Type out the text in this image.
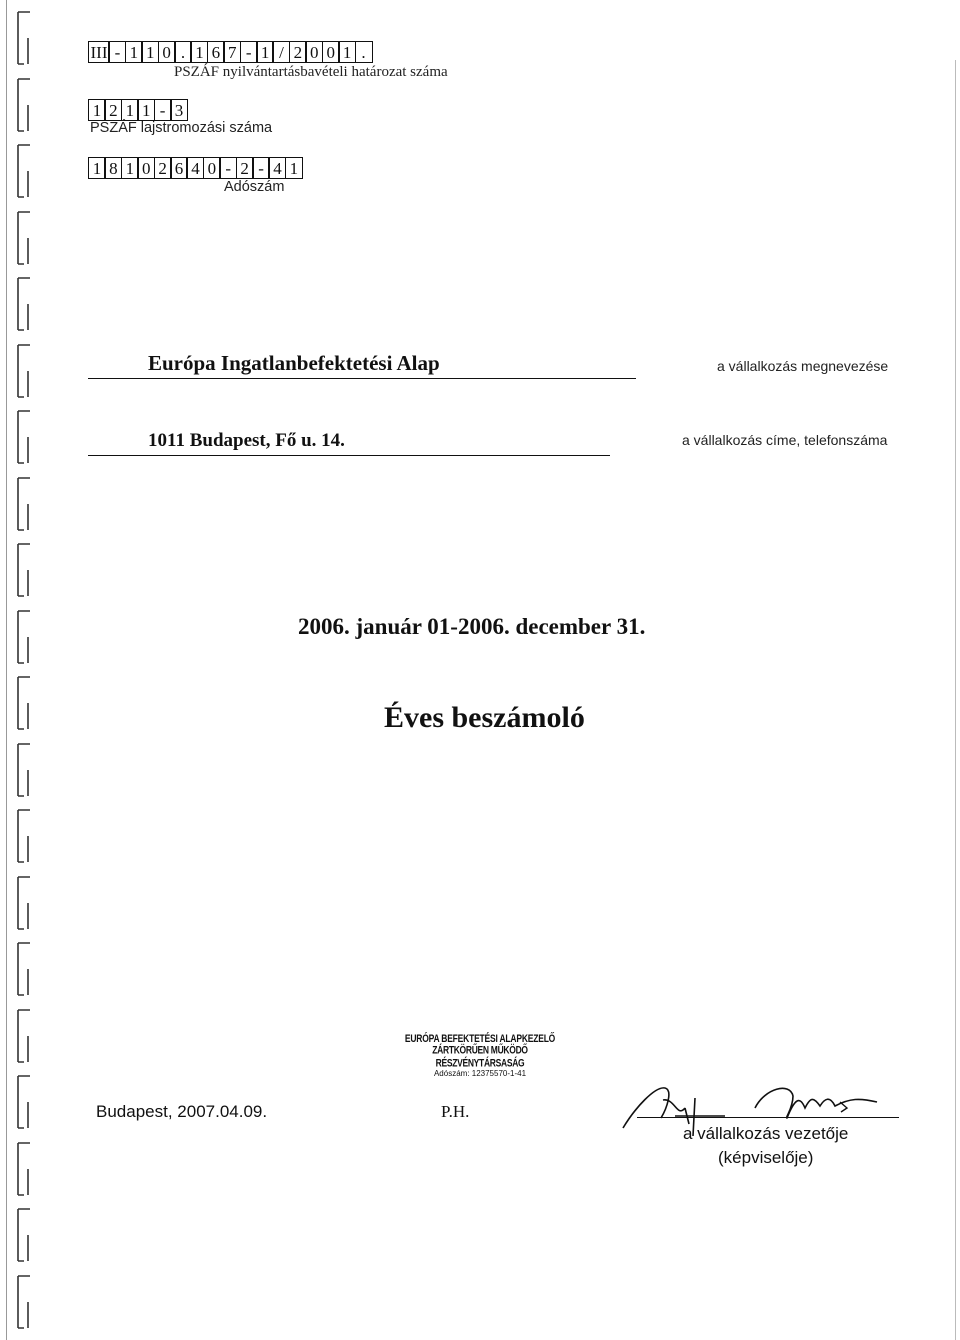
III - 1 1 0 . 1 6 7 - 1 / 2 0 0 1 .
PSZÁF nyilvántartásbavételi határozat száma
1 2 1 1 - 3
PSZÁF lajstromozási száma
1 8 1 0 2 6 4 0 - 2 - 4 1
Adószám
Európa Ingatlanbefektetési Alap	a vállalkozás megnevezése
1011 Budapest, Fő u. 14.	a vállalkozás címe, telefonszáma
2006. január 01-2006. december 31.
Éves beszámoló
Budapest, 2007.04.09.
EURÓPA BEFEKTETÉSI ALAPKEZELŐ
ZÁRTKÖRŰEN MŰKÖDŐ RÉSZVÉNYTÁRSASÁG
Adószám: 12375570-1-41
P.H.
a vállalkozás vezetője
(képviselője)
